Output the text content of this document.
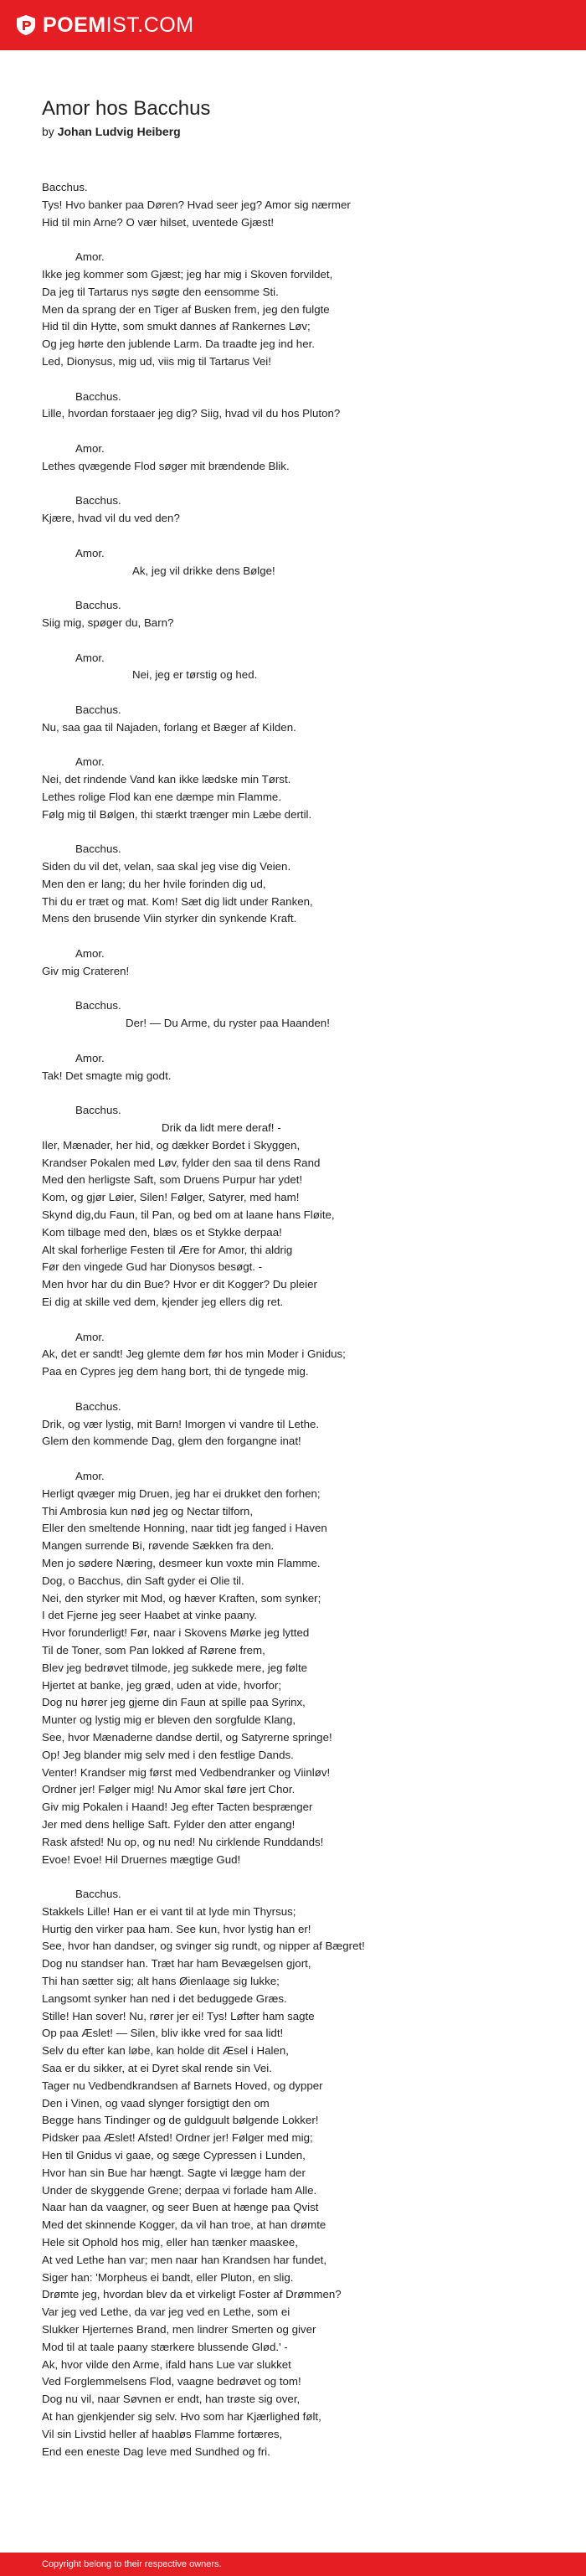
POEM IST.COM
Amor hos Bacchus
by Johan Ludvig Heiberg
Bacchus.
Tys! Hvo banker paa Døren? Hvad seer jeg? Amor sig nærmer
Hid til min Arne? O vær hilset, uventede Gjæst!
Amor.
Ikke jeg kommer som Gjæst; jeg har mig i Skoven forvildet,
Da jeg til Tartarus nys søgte den eensomme Sti.
Men da sprang der en Tiger af Busken frem, jeg den fulgte
Hid til din Hytte, som smukt dannes af Rankernes Løv;
Og jeg hørte den jublende Larm. Da traadte jeg ind her.
Led, Dionysus, mig ud, viis mig til Tartarus Vei!
Bacchus.
Lille, hvordan forstaaer jeg dig? Siig, hvad vil du hos Pluton?
Amor.
Lethes qvægende Flod søger mit brændende Blik.
Bacchus.
Kjære, hvad vil du ved den?
Amor.
Ak, jeg vil drikke dens Bølge!
Bacchus.
Siig mig, spøger du, Barn?
Amor.
Nei, jeg er tørstig og hed.
Bacchus.
Nu, saa gaa til Najaden, forlang et Bæger af Kilden.
Amor.
Nei, det rindende Vand kan ikke lædske min Tørst.
Lethes rolige Flod kan ene dæmpe min Flamme.
Følg mig til Bølgen, thi stærkt trænger min Læbe dertil.
Bacchus.
Siden du vil det, velan, saa skal jeg vise dig Veien.
Men den er lang; du her hvile forinden dig ud,
Thi du er træt og mat. Kom! Sæt dig lidt under Ranken,
Mens den brusende Viin styrker din synkende Kraft.
Amor.
Giv mig Crateren!
Bacchus.
Der! — Du Arme, du ryster paa Haanden!
Amor.
Tak! Det smagte mig godt.
Bacchus.
Drik da lidt mere deraf! -
Iler, Mænader, her hid, og dækker Bordet i Skyggen,
Krandser Pokalen med Løv, fylder den saa til dens Rand
Med den herligste Saft, som Druens Purpur har ydet!
Kom, og gjør Løier, Silen! Følger, Satyrer, med ham!
Skynd dig,du Faun, til Pan, og bed om at laane hans Fløite,
Kom tilbage med den, blæs os et Stykke derpaa!
Alt skal forherlige Festen til Ære for Amor, thi aldrig
Før den vingede Gud har Dionysos besøgt. -
Men hvor har du din Bue? Hvor er dit Kogger? Du pleier
Ei dig at skille ved dem, kjender jeg ellers dig ret.
Amor.
Ak, det er sandt! Jeg glemte dem før hos min Moder i Gnidus;
Paa en Cypres jeg dem hang bort, thi de tyngede mig.
Bacchus.
Drik, og vær lystig, mit Barn! Imorgen vi vandre til Lethe.
Glem den kommende Dag, glem den forgangne inat!
Amor.
Herligt qvæger mig Druen, jeg har ei drukket den forhen;
Thi Ambrosia kun nød jeg og Nectar tilforn,
Eller den smeltende Honning, naar tidt jeg fanged i Haven
Mangen surrende Bi, røvende Sækken fra den.
Men jo sødere Næring, desmeer kun voxte min Flamme.
Dog, o Bacchus, din Saft gyder ei Olie til.
Nei, den styrker mit Mod, og hæver Kraften, som synker;
I det Fjerne jeg seer Haabet at vinke paany.
Hvor forunderligt! Før, naar i Skovens Mørke jeg lytted
Til de Toner, som Pan lokked af Rørene frem,
Blev jeg bedrøvet tilmode, jeg sukkede mere, jeg følte
Hjertet at banke, jeg græd, uden at vide, hvorfor;
Dog nu hører jeg gjerne din Faun at spille paa Syrinx,
Munter og lystig mig er bleven den sorgfulde Klang,
See, hvor Mænaderne dandse dertil, og Satyrerne springe!
Op! Jeg blander mig selv med i den festlige Dands.
Venter! Krandser mig først med Vedbendranker og Viinløv!
Ordner jer! Følger mig! Nu Amor skal føre jert Chor.
Giv mig Pokalen i Haand! Jeg efter Tacten besprænger
Jer med dens hellige Saft. Fylder den atter engang!
Rask afsted! Nu op, og nu ned! Nu cirklende Runddands!
Evoe! Evoe! Hil Druernes mægtige Gud!
Bacchus.
Stakkels Lille! Han er ei vant til at lyde min Thyrsus;
Hurtig den virker paa ham. See kun, hvor lystig han er!
See, hvor han dandser, og svinger sig rundt, og nipper af Bægret!
Dog nu standser han. Træt har ham Bevægelsen gjort,
Thi han sætter sig; alt hans Øienlaage sig lukke;
Langsomt synker han ned i det beduggede Græs.
Stille! Han sover! Nu, rører jer ei! Tys! Løfter ham sagte
Op paa Æslet! — Silen, bliv ikke vred for saa lidt!
Selv du efter kan løbe, kan holde dit Æsel i Halen,
Saa er du sikker, at ei Dyret skal rende sin Vei.
Tager nu Vedbendkrandsen af Barnets Hoved, og dypper
Den i Vinen, og vaad slynger forsigtigt den om
Begge hans Tindinger og de guldguult bølgende Lokker!
Pidsker paa Æslet! Afsted! Ordner jer! Følger med mig;
Hen til Gnidus vi gaae, og sæge Cypressen i Lunden,
Hvor han sin Bue har hængt. Sagte vi lægge ham der
Under de skyggende Grene; derpaa vi forlade ham Alle.
Naar han da vaagner, og seer Buen at hænge paa Qvist
Med det skinnende Kogger, da vil han troe, at han drømte
Hele sit Ophold hos mig, eller han tænker maaskee,
At ved Lethe han var; men naar han Krandsen har fundet,
Siger han: 'Morpheus ei bandt, eller Pluton, en slig.
Drømte jeg, hvordan blev da et virkeligt Foster af Drømmen?
Var jeg ved Lethe, da var jeg ved en Lethe, som ei
Slukker Hjerternes Brand, men lindrer Smerten og giver
Mod til at taale paany stærkere blussende Glød.' -
Ak, hvor vilde den Arme, ifald hans Lue var slukket
Ved Forglemmelsens Flod, vaagne bedrøvet og tom!
Dog nu vil, naar Søvnen er endt, han trøste sig over,
At han gjenkjender sig selv. Hvo som har Kjærlighed følt,
Vil sin Livstid heller af haabløs Flamme fortæres,
End een eneste Dag leve med Sundhed og fri.
Copyright belong to their respective owners.
